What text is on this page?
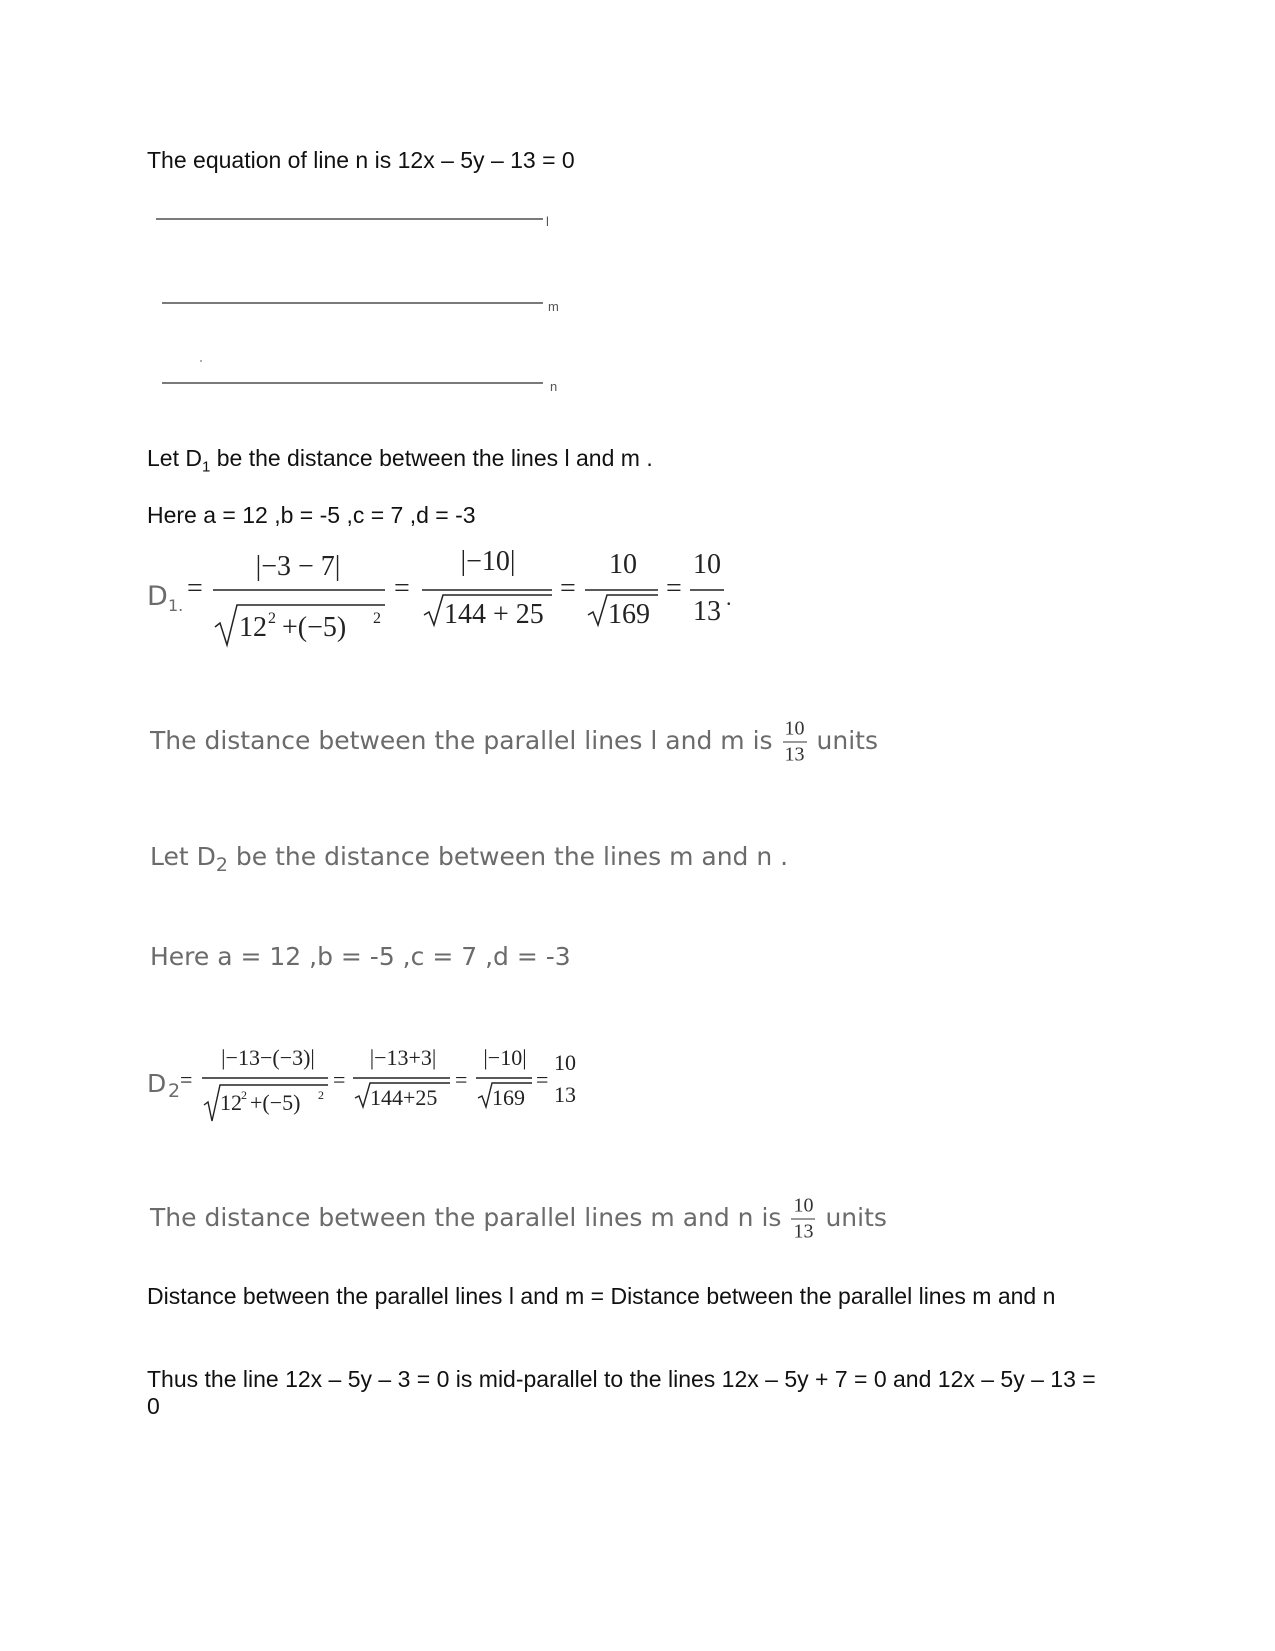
The equation of line n is 12x – 5y – 13 = 0
l
m
n
Let $D_1$ be the distance between the lines l and m .
Here a = 12 ,b = -5 ,c = 7 ,d = -3
D 1.
=
|−3 − 7|
12 2 +(−5) 2
=
|−10|
144 + 25
=
10
169
=
10
13 .
The distance between the parallel lines l and m is $\frac{10}{13}$ units
Let $D_2$ be the distance between the lines m and n .
Here a = 12 ,b = -5 ,c = 7 ,d = -3
D 2 =
|−13−(−3)|
12 2 +(−5) 2
=
|−13+3|
144+25
=
|−10|
169
=
10
13
The distance between the parallel lines m and n is $\frac{10}{13}$ units
Distance between the parallel lines l and m = Distance between the parallel lines m and n
Thus the line 12x – 5y – 3 = 0 is mid-parallel to the lines 12x – 5y + 7 = 0 and 12x – 5y – 13 = 0
